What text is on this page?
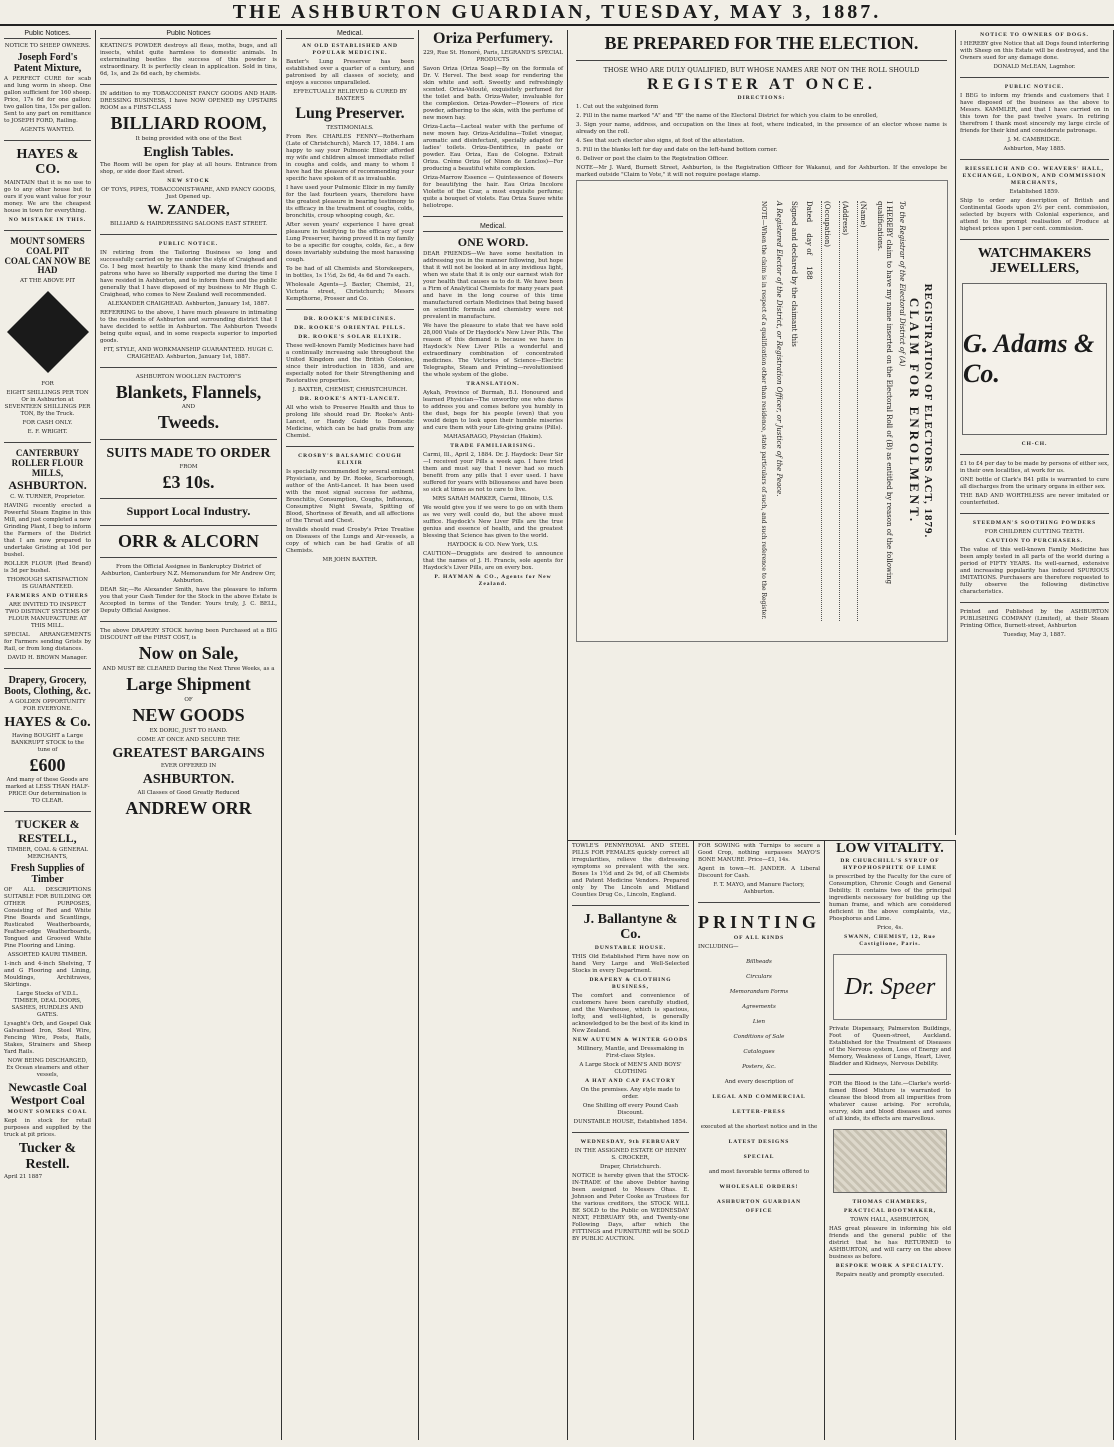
THE ASHBURTON GUARDIAN, TUESDAY, MAY 3, 1887.
Public Notices.
NOTICE TO SHEEP OWNERS.
Joseph Ford's Patent Mixture,
A PERFECT CURE for scab and lung worm in sheep. One gallon sufficient for 160 sheep. Price, 17s 6d for one gallon; two gallon tins, 15s per gallon. Sent to any part on remittance to JOSEPH FORD, Railing.
AGENTS WANTED.
HAYES & CO.
MAINTAIN that it is no use to go to any other house but to ours if you want value for your money. We are the cheapest house in town for everything.
NO MISTAKE IN THIS.
MOUNT SOMERS COAL PIT
COAL CAN NOW BE HAD
AT THE ABOVE PIT
FOR
EIGHT SHILLINGS PER TON Or in Ashburton at SEVENTEEN SHILLINGS PER TON, By the Truck.
FOR CASH ONLY.
E. F. WRIGHT.
CANTERBURY ROLLER FLOUR MILLS,
ASHBURTON.
C. W. TURNER, Proprietor.
HAVING recently erected a Powerful Steam Engine in this Mill, and just completed a new Grinding Plant, I beg to inform the Farmers of the District that I am now prepared to undertake Gristing at 10d per bushel.
ROLLER FLOUR (Red Brand) is 3d per bushel.
THOROUGH SATISFACTION IS GUARANTEED.
FARMERS AND OTHERS
ARE INVITED TO INSPECT TWO DISTINCT SYSTEMS OF FLOUR MANUFACTURE AT THIS MILL.
SPECIAL ARRANGEMENTS for Farmers sending Grists by Rail, or from long distances.
DAVID H. BROWN Manager.
Drapery, Grocery, Boots, Clothing, &c.
A GOLDEN OPPORTUNITY FOR EVERYONE.
HAYES & Co.
Having BOUGHT a Large BANKRUPT STOCK to the tune of
£600
And many of these Goods are marked at LESS THAN HALF-PRICE Our determination is TO CLEAR.
TUCKER & RESTELL,
TIMBER, COAL & GENERAL MERCHANTS,
Fresh Supplies of Timber
OF ALL DESCRIPTIONS SUITABLE FOR BUILDING OR OTHER PURPOSES, Consisting of Red and White Pine Boards and Scantlings, Rusticated Weatherboards, Feather-edge Weatherboards, Tongued and Grooved White Pine Flooring and Lining.
ASSORTED KAURI TIMBER.
1-inch and 4-inch Shelving, T and G Flooring and Lining, Mouldings, Architraves, Skirtings.
Large Stocks of V.D.L. TIMBER, DEAL DOORS, SASHES, HURDLES AND GATES.
Lysaght's Orb, and Gospel Oak Galvanised Iron, Steel Wire, Fencing Wire, Posts, Rails, Stakes, Strainers and Sheep Yard Rails.
NOW BEING DISCHARGED, Ex Ocean steamers and other vessels,
Newcastle Coal
Westport Coal
MOUNT SOMERS COAL
Kept in stock for retail purposes and supplied by the truck at pit prices.
Tucker & Restell.
April 21 1887
Public Notices
KEATING'S POWDER destroys all fleas, moths, bugs, and all insects, whilst quite harmless to domestic animals. In exterminating beetles the success of this powder is extraordinary. It is perfectly clean in application. Sold in tins, 6d, 1s, and 2s 6d each, by chemists.
IN addition to my TOBACCONIST FANCY GOODS AND HAIR-DRESSING BUSINESS, I have NOW OPENED my UPSTAIRS ROOM as a FIRST-CLASS
BILLIARD ROOM,
It being provided with one of the Best
English Tables.
The Room will be open for play at all hours. Entrance from shop, or side door East street.
NEW STOCK
OF TOYS, PIPES, TOBACCONIST-WARE, AND FANCY GOODS, Just Opened up.
W. ZANDER,
BILLIARD & HAIRDRESSING SALOONS EAST STREET.
PUBLIC NOTICE.
IN retiring from the Tailoring Business so long and successfully carried on by me under the style of Craighead and Co. I beg most heartily to thank the many kind friends and patrons who have so liberally supported me during the time I have resided in Ashburton, and to inform them and the public generally that I have disposed of my business to Mr Hugh C. Craighead, who comes to New Zealand well recommended.
ALEXANDER CRAIGHEAD. Ashburton, January 1st, 1887.
REFERRING to the above, I have much pleasure in intimating to the residents of Ashburton and surrounding district that I have decided to settle in Ashburton. The Ashburton Tweeds being quite equal, and in some respects superior to imported goods.
FIT, STYLE, AND WORKMANSHIP GUARANTEED. HUGH C. CRAIGHEAD. Ashburton, January 1st, 1887.
ASHBURTON WOOLLEN FACTORY'S
Blankets, Flannels,
AND
Tweeds.
SUITS MADE TO ORDER
FROM
£3 10s.
Support Local Industry.
ORR & ALCORN
From the Official Assignee in Bankruptcy District of Ashburton, Canterbury N.Z. Memorandum for Mr Andrew Orr, Ashburton.
DEAR Sir,—Re Alexander Smith, have the pleasure to inform you that your Cash Tender for the Stock in the above Estate is Accepted in terms of the Tender. Yours truly, J. C. BELL, Deputy Official Assignee.
The above DRAPERY STOCK having been Purchased at a BIG DISCOUNT off the FIRST COST, is
Now on Sale,
AND MUST BE CLEARED During the Next Three Weeks, as a
Large Shipment
OF
NEW GOODS
EX DORIC, JUST TO HAND.
COME AT ONCE AND SECURE THE
GREATEST BARGAINS
EVER OFFERED IN
ASHBURTON.
All Classes of Good Greatly Reduced
ANDREW ORR
Medical.
AN OLD ESTABLISHED AND POPULAR MEDICINE.
Baxter's Lung Preserver has been established over a quarter of a century, and patronised by all classes of society, and enjoys a success unparalleled.
EFFECTUALLY RELIEVED & CURED BY BAXTER'S
Lung Preserver.
TESTIMONIALS.
From Rev. CHARLES FENNY—Rotherham (Late of Christchurch), March 17, 1884. I am happy to say your Pulmonic Elixir afforded my wife and children almost immediate relief in coughs and colds, and many to whom I have had the pleasure of recommending your specific have spoken of it as invaluable.
I have used your Pulmonic Elixir in my family for the last fourteen years, therefore have the greatest pleasure in bearing testimony to its efficacy in the treatment of coughs, colds, bronchitis, croup whooping cough, &c.
After seven years' experience I have great pleasure in testifying to the efficacy of your Lung Preserver, having proved it in my family to be a specific for coughs, colds, &c., a few doses invariably subduing the most harassing cough.
To be had of all Chemists and Storekeepers, in bottles, 1s 1½d, 2s 6d, 4s 6d and 7s each.
Wholesale Agents—J. Baxter, Chemist, 21, Victoria street, Christchurch; Messrs Kempthorne, Prosser and Co.
DR. ROOKE'S MEDICINES.
DR. ROOKE'S ORIENTAL PILLS.
DR. ROOKE'S SOLAR ELIXIR.
These well-known Family Medicines have had a continually increasing sale throughout the United Kingdom and the British Colonies, since their introduction in 1836, and are especially noted for their Strengthening and Restorative properties.
J. BAXTER, CHEMIST, CHRISTCHURCH.
DR. ROOKE'S ANTI-LANCET.
All who wish to Preserve Health and thus to prolong life should read Dr. Rooke's Anti-Lancet, or Handy Guide to Domestic Medicine, which can be had gratis from any Chemist.
CROSBY'S BALSAMIC COUGH ELIXIR
Is specially recommended by several eminent Physicians, and by Dr. Rooke, Scarborough, author of the Anti-Lancet. It has been used with the most signal success for asthma, Bronchitis, Consumption, Coughs, Influenza, Consumptive Night Sweats, Spitting of Blood, Shortness of Breath, and all affections of the Throat and Chest.
Invalids should read Crosby's Prize Treatise on Diseases of the Lungs and Air-vessels, a copy of which can be had Gratis of all Chemists.
MR JOHN BAXTER.
Oriza Perfumery.
229, Rue St. Honoré, Paris, LEGRAND'S SPECIAL PRODUCTS
Savon Oriza (Oriza Soap)—By on the formula of Dr. V. Hervel. The best soap for rendering the skin white and soft. Sweetly and refreshingly scented. Oriza-Velouté, exquisitely perfumed for the toilet and bath. Oriza-Water, invaluable for the complexion. Oriza-Powder—Flowers of rice powder, adhering to the skin, with the perfume of new mown hay.
Oriza-Lacta—Lacteal water with the perfume of new mown hay. Oriza-Acidulina—Toilet vinegar, aromatic and disinfectant, specially adapted for ladies' toilets. Oriza-Dentifrice, in paste or powder. Eau Oriza, Eau de Cologne. Extrait Oriza. Crème Oriza (of Ninon de Lenclos)—For producing a beautiful white complexion.
Oriza-Marrow Essence — Quintessence of flowers for beautifying the hair. Eau Oriza Incolore Violette of the Czar, a most exquisite perfume; quite a bouquet of violets. Eau Oriza Suave white heliotrope.
Medical.
ONE WORD.
DEAR FRIENDS—We have some hesitation in addressing you in the manner following, but hope that it will not be looked at in any invidious light, when we state that it is only our earnest wish for your health that causes us to do it. We have been a Firm of Analytical Chemists for many years past and have in the long course of this time manufactured certain Medicines that being based on scientific formula and chemistry were not prevalent in manufacture.
We have the pleasure to state that we have sold 28,000 Vials of Dr Haydock's New Liver Pills. The reason of this demand is because we have in Haydock's New Liver Pills a wonderful and extraordinary combination of concentrated medicines. The Victories of Science—Electric Telegraphs, Steam and Printing—revolutionised the whole system of the globe.
TRANSLATION.
Aykah, Province of Burmah, B.I. Honoured and learned Physician—The unworthy one who dares to address you and comes before you humbly in the dust, begs for his people (even) that you would deign to look upon their humble miseries and cure them with your Life-giving grains (Pills).
MAHASARAGO, Physician (Hakim).
TRADE FAMILIARISING.
Carmi, Ill., April 2, 1884. Dr. J. Haydock: Dear Sir—I received your Pills a week ago. I have tried them and must say that I never had so much benefit from any pills that I ever used. I have suffered for years with biliousness and have been so sick at times as not to care to live.
MRS SARAH MARKER, Carmi, Illinois, U.S.
We would give you if we were to go on with them as we very well could do, but the above must suffice. Haydock's New Liver Pills are the true genius and essence of health, and the greatest blessing that Science has given to the world.
HAYDOCK & CO. New York, U.S.
CAUTION—Druggists are desired to announce that the names of J. H. Francis, sole agents for Haydock's Liver Pills, are on every box.
P. HAYMAN & CO., Agents for New Zealand.
BE PREPARED FOR THE ELECTION.
THOSE WHO ARE DULY QUALIFIED, BUT WHOSE NAMES ARE NOT ON THE ROLL SHOULD
REGISTER AT ONCE.
DIRECTIONS:
1. Cut out the subjoined form
2. Fill in the name marked "A" and "B" the name of the Electoral District for which you claim to be enrolled,
3. Sign your name, address, and occupation on the lines at foot, where indicated, in the presence of an elector whose name is already on the roll.
4. See that such elector also signs, at foot of the attestation.
5. Fill in the blanks left for day and date on the left-hand bottom corner.
6. Deliver or post the claim to the Registration Officer.
NOTE—Mr J. Ward, Burnett Street, Ashburton, is the Registration Officer for Wakanui, and for Ashburton. If the envelope be marked outside "Claim to Vote," it will not require postage stamp.
REGISTRATION OF ELECTORS ACT, 1879.
CLAIM FOR ENROLMENT.
To the Registrar of the Electoral District of (A)
I HEREBY claim to have my name inserted on the Electoral Roll of (B) as entitled by reason of the following qualifications.
(Name)
(Address)
(Occupation)
Dated     day of     188
Signed and declared by the claimant this
A Registered Elector of the District, or Registration Officer, or Justice of the Peace.
NOTE—When the claim is in respect of a qualification other than residence, state particulars of such, and such reference to the Register.
TOWLE'S PENNYROYAL AND STEEL PILLS FOR FEMALES quickly correct all irregularities, relieve the distressing symptoms so prevalent with the sex. Boxes 1s 1½d and 2s 9d, of all Chemists and Patent Medicine Vendors. Prepared only by The Lincoln and Midland Counties Drug Co., Lincoln, England.
J. Ballantyne & Co.
DUNSTABLE HOUSE.
THIS Old Established Firm have now on hand Very Large and Well-Selected Stocks in every Department.
DRAPERY & CLOTHING BUSINESS,
The comfort and convenience of customers have been carefully studied, and the Warehouse, which is spacious, lofty, and well-lighted, is generally acknowledged to be the best of its kind in New Zealand.
NEW AUTUMN & WINTER GOODS
Millinery, Mantle, and Dressmaking in First-class Styles.
A Large Stock of MEN'S AND BOYS' CLOTHING
A HAT AND CAP FACTORY
On the premises. Any style made to order.
One Shilling off every Pound Cash Discount.
DUNSTABLE HOUSE, Established 1854.
WEDNESDAY, 9th FEBRUARY
IN THE ASSIGNED ESTATE OF HENRY S. CROCKER,
Draper, Christchurch.
NOTICE is hereby given that the STOCK-IN-TRADE of the above Debtor having been assigned to Messrs Ohas. E. Johnson and Peter Cooke as Trustees for the various creditors, the STOCK WILL BE SOLD to the Public on WEDNESDAY NEXT, FEBRUARY 9th, and Twenty-one Following Days, after which the FITTINGS and FURNITURE will be SOLD BY PUBLIC AUCTION.
FOR SOWING with Turnips to secure a Good Crop, nothing surpasses MAYO'S BONE MANURE. Price—£1, 14s.
Agent in town—H. JANDER. A Liberal Discount for Cash.
F. T. MAYO, and Manure Factory, Ashburton.
PRINTING
OF ALL KINDS
INCLUDING—
Billheads
Circulars
Memorandum Forms
Agreements
Lien
Conditions of Sale
Catalogues
Posters, &c.
And every description of
LEGAL AND COMMERCIAL
LETTER-PRESS
executed at the shortest notice and in the
LATEST DESIGNS
SPECIAL
and most favorable terms offered to
WHOLESALE ORDERS!
ASHBURTON GUARDIAN
OFFICE
LOW VITALITY.
DR CHURCHILL'S SYRUP OF HYPOPHOSPHITE OF LIME
is prescribed by the Faculty for the cure of Consumption, Chronic Cough and General Debility. It contains two of the principal ingredients necessary for building up the human frame, and which are considered deficient in the above complaints, viz., Phosphorus and Lime.
Price, 4s.
SWANN, CHEMIST, 12, Rue Castiglione, Paris.
Dr. Speer
Private Dispensary, Palmerston Buildings, Foot of Queen-street, Auckland. Established for the Treatment of Diseases of the Nervous system, Loss of Energy and Memory, Weakness of Lungs, Heart, Liver, Bladder and Kidneys, Nervous Debility.
FOR the Blood is the Life.—Clarke's world-famed Blood Mixture is warranted to cleanse the blood from all impurities from whatever cause arising. For scrofula, scurvy, skin and blood diseases and sores of all kinds, its effects are marvellous.
THOMAS CHAMBERS,
PRACTICAL BOOTMAKER,
TOWN HALL, ASHBURTON,
HAS great pleasure in informing his old friends and the general public of the district that he has RETURNED to ASHBURTON, and will carry on the above business as before.
BESPOKE WORK A SPECIALTY.
Repairs neatly and promptly executed.
NOTICE TO OWNERS OF DOGS.
I HEREBY give Notice that all Dogs found interfering with Sheep on this Estate will be destroyed, and the Owners sued for any damage done.
DONALD McLEAN, Lagmhor.
PUBLIC NOTICE.
I BEG to inform my friends and customers that I have disposed of the business as the above to Messrs. KAMMLER, and that I have carried on in this town for the past twelve years. In retiring therefrom I thank most sincerely my large circle of friends for their kind and considerate patronage.
J. M. CAMBRIDGE.
Ashburton, May 1885.
RIESSELICH AND CO. WEAVERS' HALL, EXCHANGE, LONDON, AND COMMISSION MERCHANTS,
Established 1859.
Ship to order any description of British and Continental Goods upon 2½ per cent. commission, selected by buyers with Colonial experience, and attend to the prompt realisation of Produce at highest prices upon 1 per cent. commission.
WATCHMAKERS
JEWELLERS,
G. Adams & Co.
CH-CH.
£1 to £4 per day to be made by persons of either sex, in their own localities, at work for us.
ONE bottle of Clark's B41 pills is warranted to cure all discharges from the urinary organs in either sex.
THE BAD AND WORTHLESS are never imitated or counterfeited.
STEEDMAN'S SOOTHING POWDERS
FOR CHILDREN CUTTING TEETH.
CAUTION TO PURCHASERS.
The value of this well-known Family Medicine has been amply tested in all parts of the world during a period of FIFTY YEARS. Its well-earned, extensive and increasing popularity has induced SPURIOUS IMITATIONS. Purchasers are therefore requested to fully observe the following distinctive characteristics.
Printed and Published by the ASHBURTON PUBLISHING COMPANY (Limited), at their Steam Printing Office, Burnett-street, Ashburton
Tuesday, May 3, 1887.
